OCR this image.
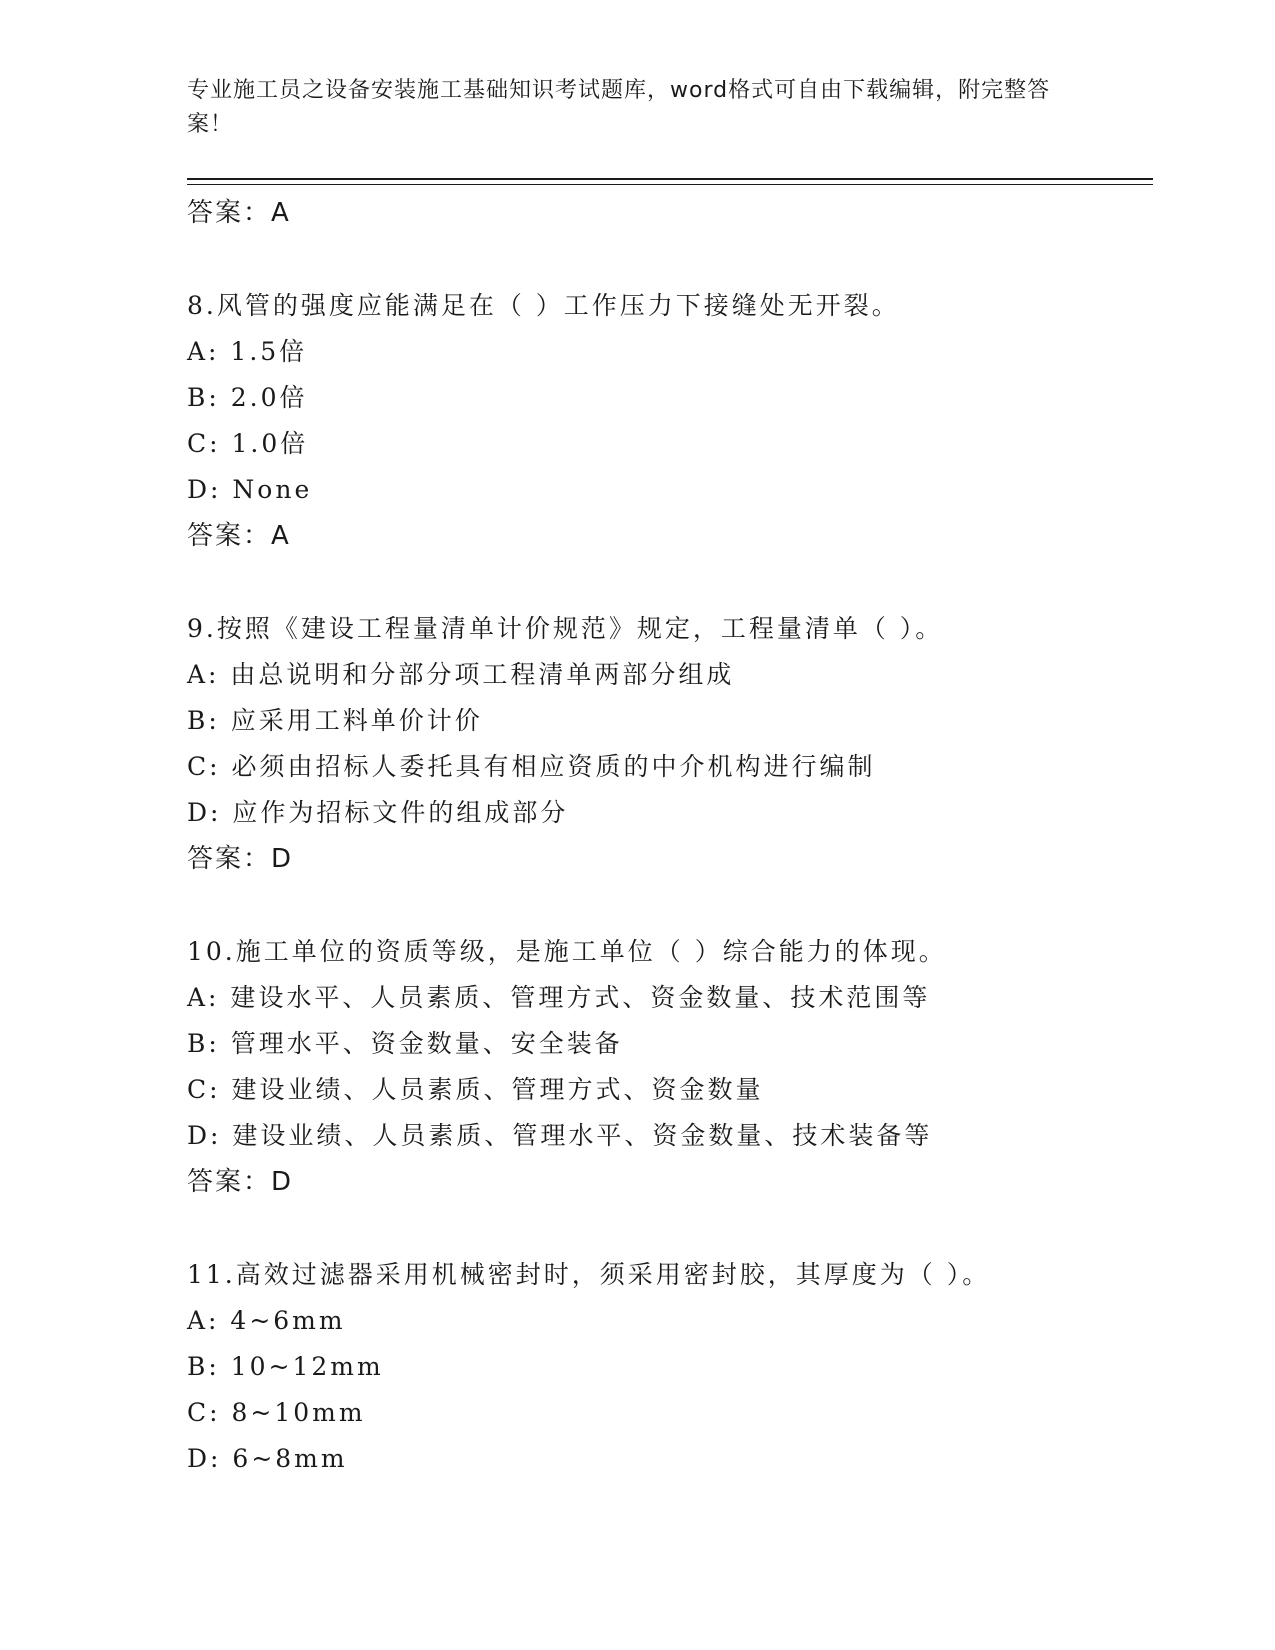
专业施工员之设备安装施工基础知识考试题库，word格式可自由下载编辑，附完整答案！
答案：A
8.风管的强度应能满足在（ ）工作压力下接缝处无开裂。
A: 1.5倍
B: 2.0倍
C: 1.0倍
D: None
答案：A
9.按照《建设工程量清单计价规范》规定，工程量清单（ ）。
A: 由总说明和分部分项工程清单两部分组成
B: 应采用工料单价计价
C: 必须由招标人委托具有相应资质的中介机构进行编制
D: 应作为招标文件的组成部分
答案：D
10.施工单位的资质等级，是施工单位（ ）综合能力的体现。
A: 建设水平、人员素质、管理方式、资金数量、技术范围等
B: 管理水平、资金数量、安全装备
C: 建设业绩、人员素质、管理方式、资金数量
D: 建设业绩、人员素质、管理水平、资金数量、技术装备等
答案：D
11.高效过滤器采用机械密封时，须采用密封胶，其厚度为（ ）。
A: 4~6mm
B: 10~12mm
C: 8~10mm
D: 6~8mm
